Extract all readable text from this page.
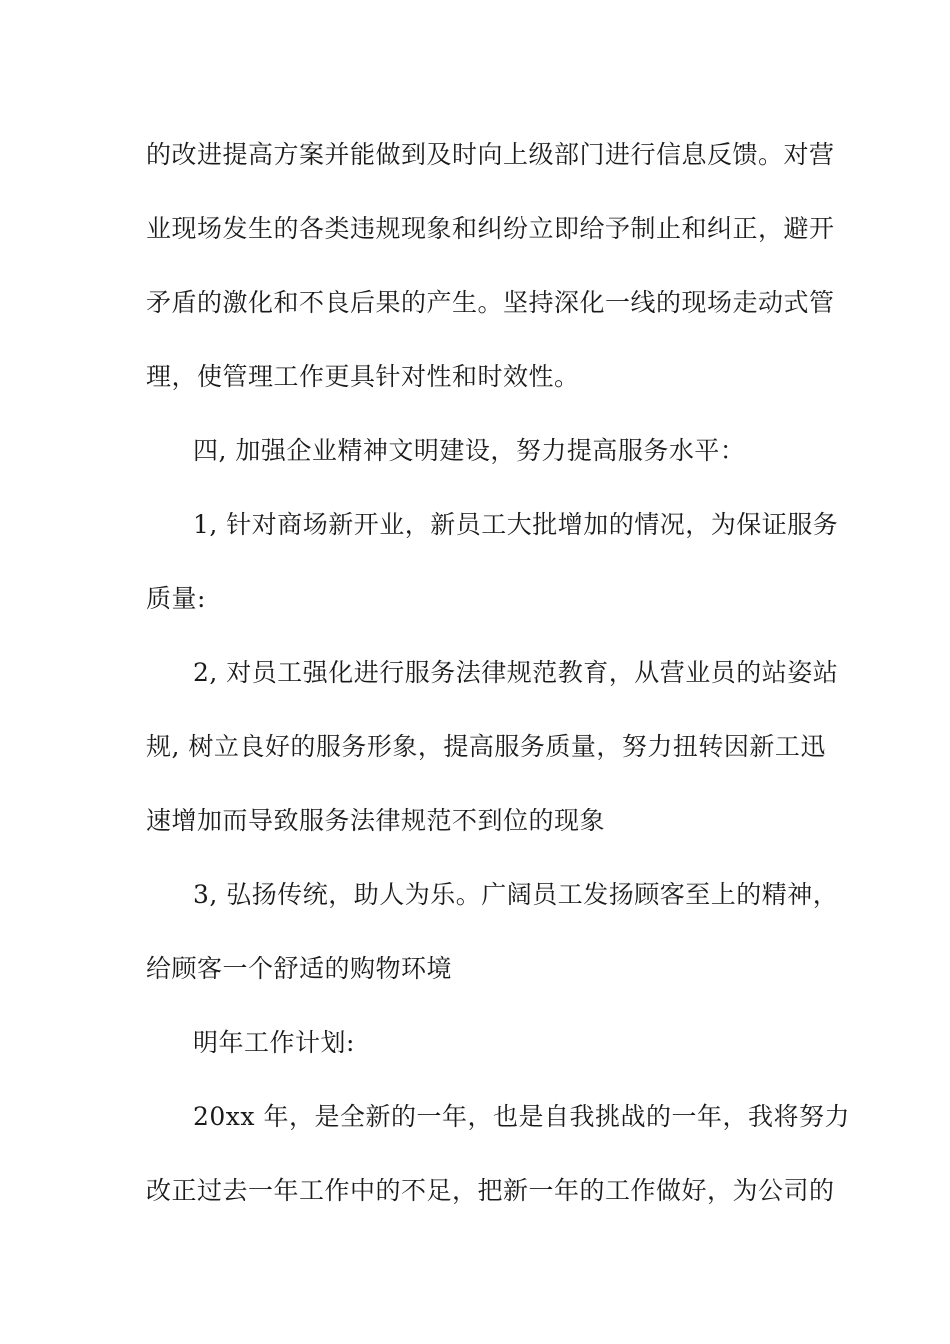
的改进提高方案并能做到及时向上级部门进行信息反馈。对营
业现场发生的各类违规现象和纠纷立即给予制止和纠正，避开
矛盾的激化和不良后果的产生。坚持深化一线的现场走动式管
理，使管理工作更具针对性和时效性。
四, 加强企业精神文明建设，努力提高服务水平：
1, 针对商场新开业，新员工大批增加的情况，为保证服务
质量:
2, 对员工强化进行服务法律规范教育，从营业员的站姿站
规, 树立良好的服务形象，提高服务质量，努力扭转因新工迅
速增加而导致服务法律规范不到位的现象
3, 弘扬传统，助人为乐。广阔员工发扬顾客至上的精神，
给顾客一个舒适的购物环境
明年工作计划:
20xx 年，是全新的一年，也是自我挑战的一年，我将努力
改正过去一年工作中的不足，把新一年的工作做好，为公司的
